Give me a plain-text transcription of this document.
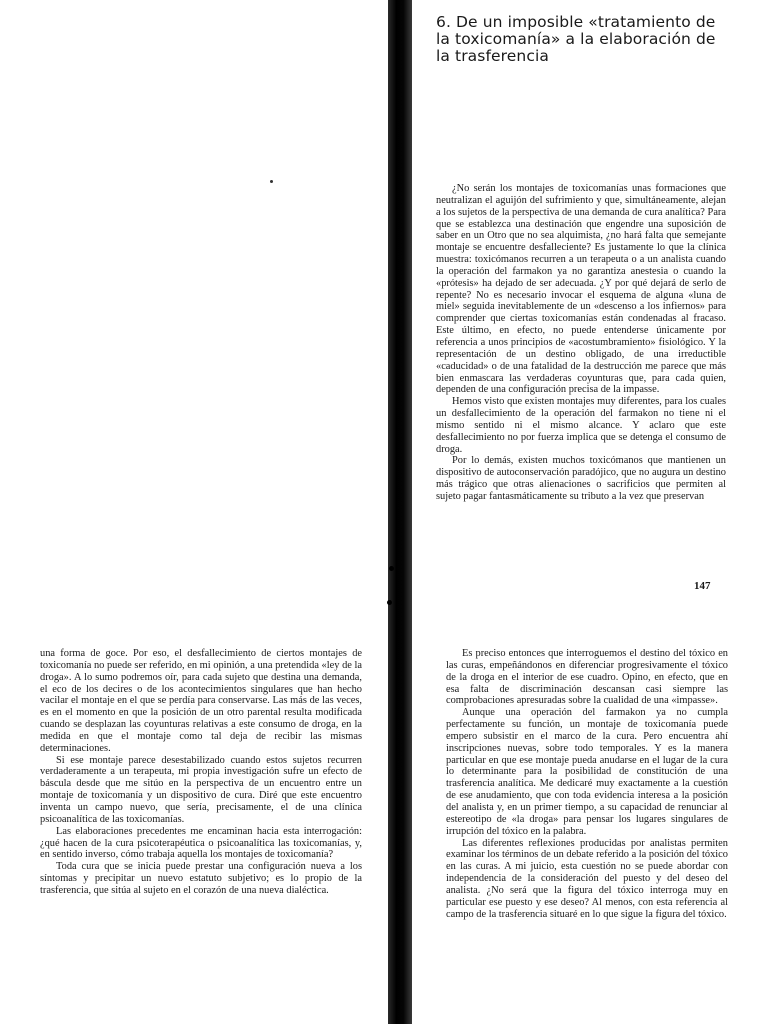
6. De un imposible «tratamiento de la toxicomanía» a la elaboración de la trasferencia

¿No serán los montajes de toxicomanías unas formaciones que neutralizan el aguijón del sufrimiento y que, simultáneamente, alejan a los sujetos de la perspectiva de una demanda de cura analítica? Para que se establezca una destinación que engendre una suposición de saber en un Otro que no sea alquimista, ¿no hará falta que semejante montaje se encuentre desfalleciente? Es justamente lo que la clínica muestra: toxicómanos recurren a un terapeuta o a un analista cuando la operación del farmakon ya no garantiza anestesia o cuando la «prótesis» ha dejado de ser adecuada. ¿Y por qué dejará de serlo de repente? No es necesario invocar el esquema de alguna «luna de miel» seguida inevitablemente de un «descenso a los infiernos» para comprender que ciertas toxicomanías están condenadas al fracaso. Este último, en efecto, no puede entenderse únicamente por referencia a unos principios de «acostumbramiento» fisiológico. Y la representación de un destino obligado, de una irreductible «caducidad» o de una fatalidad de la destrucción me parece que más bien enmascara las verdaderas coyunturas que, para cada quien, dependen de una configuración precisa de la impasse.

Hemos visto que existen montajes muy diferentes, para los cuales un desfallecimiento de la operación del farmakon no tiene ni el mismo sentido ni el mismo alcance. Y aclaro que este desfallecimiento no por fuerza implica que se detenga el consumo de droga.

Por lo demás, existen muchos toxicómanos que mantienen un dispositivo de autoconservación paradójico, que no augura un destino más trágico que otras alienaciones o sacrificios que permiten al sujeto pagar fantasmáticamente su tributo a la vez que preservan

147

una forma de goce. Por eso, el desfallecimiento de ciertos montajes de toxicomanía no puede ser referido, en mi opinión, a una pretendida «ley de la droga». A lo sumo podremos oír, para cada sujeto que destina una demanda, el eco de los decires o de los acontecimientos singulares que han hecho vacilar el montaje en el que se perdía para conservarse. Las más de las veces, es en el momento en que la posición de un otro parental resulta modificada cuando se desplazan las coyunturas relativas a este consumo de droga, en la medida en que el montaje como tal deja de recibir las mismas determinaciones.

Si ese montaje parece desestabilizado cuando estos sujetos recurren verdaderamente a un terapeuta, mi propia investigación sufre un efecto de báscula desde que me sitúo en la perspectiva de un encuentro entre un montaje de toxicomanía y un dispositivo de cura. Diré que este encuentro inventa un campo nuevo, que sería, precisamente, el de una clínica psicoanalítica de las toxicomanías.

Las elaboraciones precedentes me encaminan hacia esta interrogación: ¿qué hacen de la cura psicoterapéutica o psicoanalítica las toxicomanías, y, en sentido inverso, cómo trabaja aquella los montajes de toxicomanía?

Toda cura que se inicia puede prestar una configuración nueva a los síntomas y precipitar un nuevo estatuto subjetivo; es lo propio de la trasferencia, que sitúa al sujeto en el corazón de una nueva dialéctica.

Es preciso entonces que interroguemos el destino del tóxico en las curas, empeñándonos en diferenciar progresivamente el tóxico de la droga en el interior de ese cuadro. Opino, en efecto, que en esa falta de discriminación descansan casi siempre las comprobaciones apresuradas sobre la cualidad de una «impasse».

Aunque una operación del farmakon ya no cumpla perfectamente su función, un montaje de toxicomanía puede empero subsistir en el marco de la cura. Pero encuentra ahí inscripciones nuevas, sobre todo temporales. Y es la manera particular en que ese montaje pueda anudarse en el lugar de la cura lo determinante para la posibilidad de constitución de una trasferencia analítica. Me dedicaré muy exactamente a la cuestión de ese anudamiento, que con toda evidencia interesa a la posición del analista y, en un primer tiempo, a su capacidad de renunciar al estereotipo de «la droga» para pensar los lugares singulares de irrupción del tóxico en la palabra.

Las diferentes reflexiones producidas por analistas permiten examinar los términos de un debate referido a la posición del tóxico en las curas. A mi juicio, esta cuestión no se puede abordar con independencia de la consideración del puesto y del deseo del analista. ¿No será que la figura del tóxico interroga muy en particular ese puesto y ese deseo? Al menos, con esta referencia al campo de la trasferencia situaré en lo que sigue la figura del tóxico.
